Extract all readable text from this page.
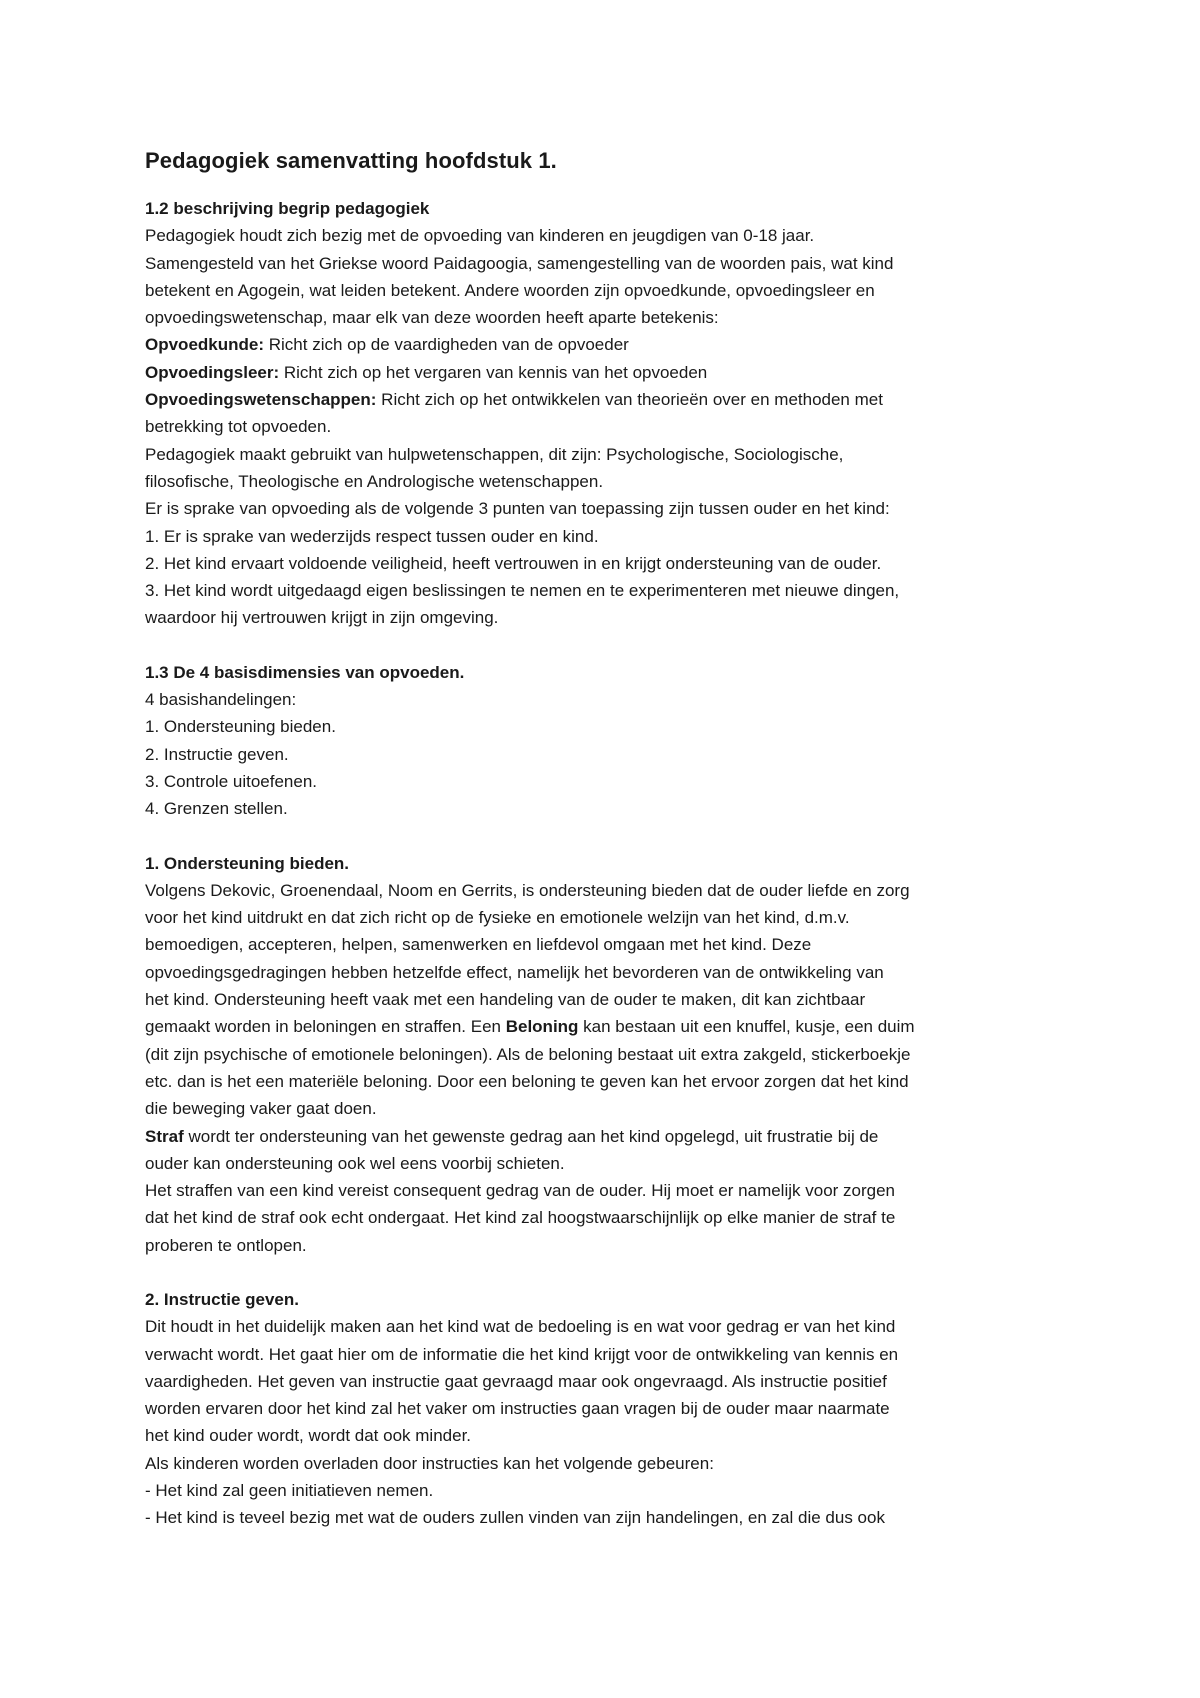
Pedagogiek samenvatting hoofdstuk 1.

1.2 beschrijving begrip pedagogiek

Pedagogiek houdt zich bezig met de opvoeding van kinderen en jeugdigen van 0-18 jaar.

Samengesteld van het Griekse woord Paidagoogia, samengestelling van de woorden pais, wat kind

betekent en Agogein, wat leiden betekent. Andere woorden zijn opvoedkunde, opvoedingsleer en

opvoedingswetenschap, maar elk van deze woorden heeft aparte betekenis:

Opvoedkunde: Richt zich op de vaardigheden van de opvoeder

Opvoedingsleer: Richt zich op het vergaren van kennis van het opvoeden

Opvoedingswetenschappen: Richt zich op het ontwikkelen van theorieën over en methoden met

betrekking tot opvoeden.

Pedagogiek maakt gebruikt van hulpwetenschappen, dit zijn: Psychologische, Sociologische,

filosofische, Theologische en Andrologische wetenschappen.

Er is sprake van opvoeding als de volgende 3 punten van toepassing zijn tussen ouder en het kind:

1. Er is sprake van wederzijds respect tussen ouder en kind.

2. Het kind ervaart voldoende veiligheid, heeft vertrouwen in en krijgt ondersteuning van de ouder.

3. Het kind wordt uitgedaagd eigen beslissingen te nemen en te experimenteren met nieuwe dingen,

waardoor hij vertrouwen krijgt in zijn omgeving.

1.3 De 4 basisdimensies van opvoeden.

4 basishandelingen:

1. Ondersteuning bieden.

2. Instructie geven.

3. Controle uitoefenen.

4. Grenzen stellen.

1. Ondersteuning bieden.

Volgens Dekovic, Groenendaal, Noom en Gerrits, is ondersteuning bieden dat de ouder liefde en zorg

voor het kind uitdrukt en dat zich richt op de fysieke en emotionele welzijn van het kind, d.m.v.

bemoedigen, accepteren, helpen, samenwerken en liefdevol omgaan met het kind. Deze

opvoedingsgedragingen hebben hetzelfde effect, namelijk het bevorderen van de ontwikkeling van

het kind. Ondersteuning heeft vaak met een handeling van de ouder te maken, dit kan zichtbaar

gemaakt worden in beloningen en straffen. Een Beloning kan bestaan uit een knuffel, kusje, een duim

(dit zijn psychische of emotionele beloningen). Als de beloning bestaat uit extra zakgeld, stickerboekje

etc. dan is het een materiële beloning. Door een beloning te geven kan het ervoor zorgen dat het kind

die beweging vaker gaat doen.

Straf wordt ter ondersteuning van het gewenste gedrag aan het kind opgelegd, uit frustratie bij de

ouder kan ondersteuning ook wel eens voorbij schieten.

Het straffen van een kind vereist consequent gedrag van de ouder. Hij moet er namelijk voor zorgen

dat het kind de straf ook echt ondergaat. Het kind zal hoogstwaarschijnlijk op elke manier de straf te

proberen te ontlopen.

2. Instructie geven.

Dit houdt in het duidelijk maken aan het kind wat de bedoeling is en wat voor gedrag er van het kind

verwacht wordt. Het gaat hier om de informatie die het kind krijgt voor de ontwikkeling van kennis en

vaardigheden. Het geven van instructie gaat gevraagd maar ook ongevraagd. Als instructie positief

worden ervaren door het kind zal het vaker om instructies gaan vragen bij de ouder maar naarmate

het kind ouder wordt, wordt dat ook minder.

Als kinderen worden overladen door instructies kan het volgende gebeuren:

- Het kind zal geen initiatieven nemen.

- Het kind is teveel bezig met wat de ouders zullen vinden van zijn handelingen, en zal die dus ook
